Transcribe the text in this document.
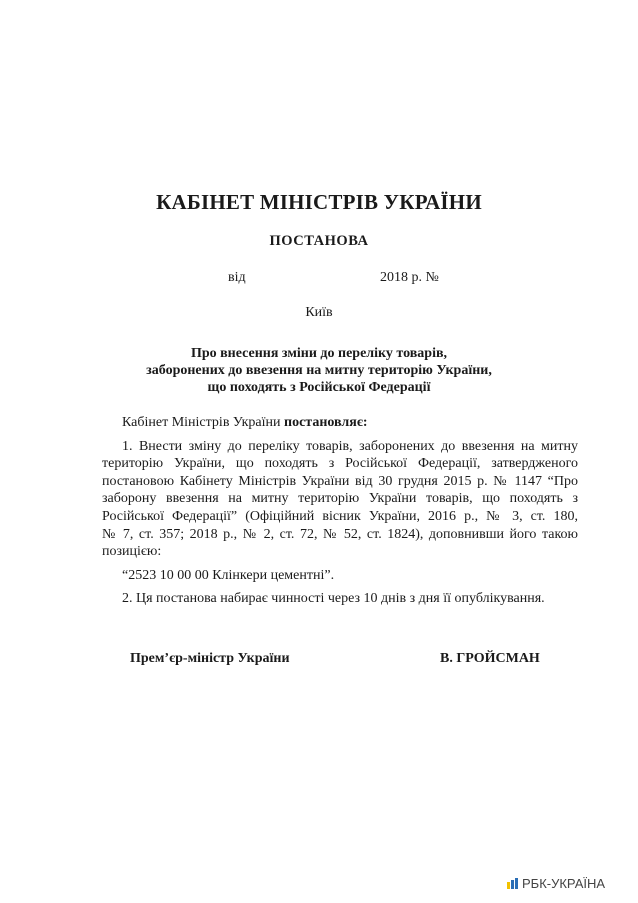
КАБІНЕТ МІНІСТРІВ УКРАЇНИ
ПОСТАНОВА
від	2018 р. №
Київ
Про внесення зміни до переліку товарів,
заборонених до ввезення на митну територію України,
що походять з Російської Федерації
Кабінет Міністрів України постановляє:
1. Внести зміну до переліку товарів, заборонених до ввезення на митну
територію України, що походять з Російської Федерації, затвердженого
постановою Кабінету Міністрів України від 30 грудня 2015 р. № 1147 “Про
заборону ввезення на митну територію України товарів, що походять з
Російської Федерації” (Офіційний вісник України, 2016 р., № 3, ст. 180,
№ 7, ст. 357; 2018 р., № 2, ст. 72, № 52, ст. 1824), доповнивши його такою
позицією:
“2523 10 00 00 Клінкери цементні”.
2. Ця постанова набирає чинності через 10 днів з дня її опублікування.
Прем’єр-міністр України	В. ГРОЙСМАН
РБК-УКРАЇНА
